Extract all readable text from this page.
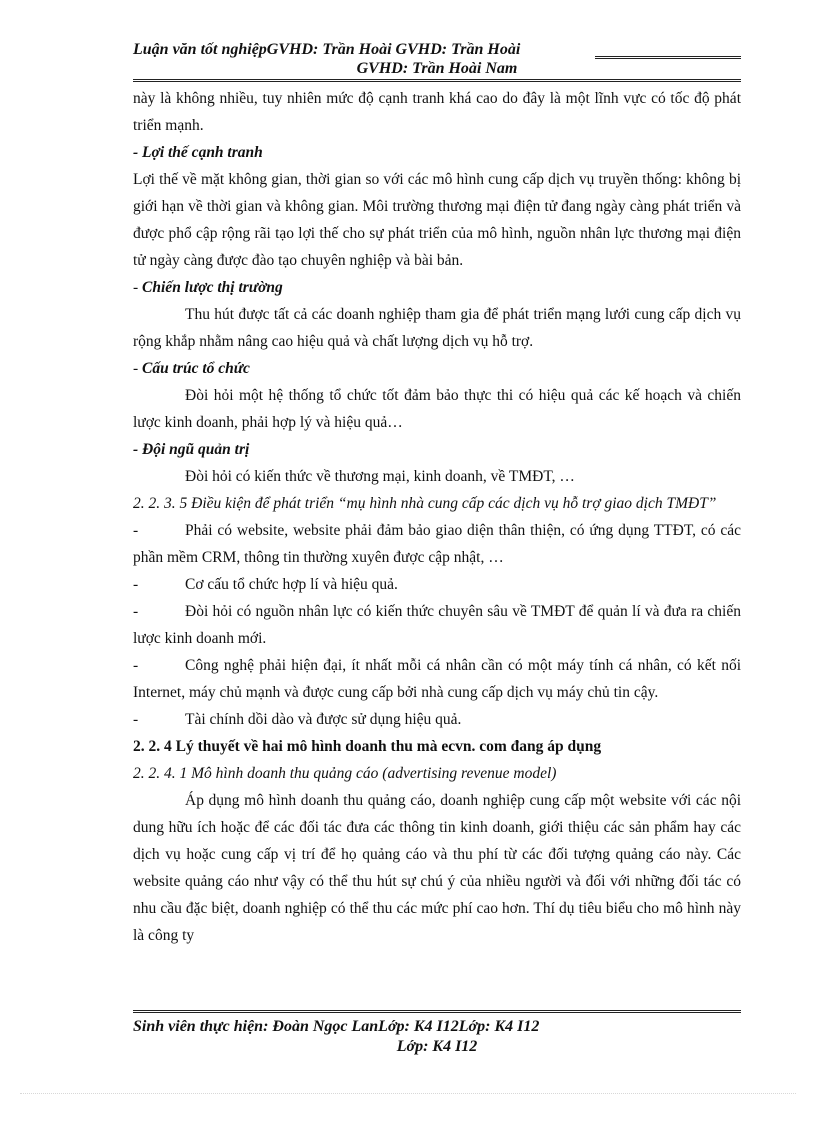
Luận văn tốt nghiệpGVHD: Trần Hoài GVHD: Trần Hoài
GVHD: Trần Hoài Nam

này là không nhiều, tuy nhiên mức độ cạnh tranh khá cao do đây là một lĩnh vực có tốc độ phát triển mạnh.

- Lợi thế cạnh tranh

Lợi thế về mặt không gian, thời gian so với các mô hình cung cấp dịch vụ truyền thống: không bị giới hạn về thời gian và không gian. Môi trường thương mại điện tử đang ngày càng phát triển và được phổ cập rộng rãi tạo lợi thế cho sự phát triển của mô hình, nguồn nhân lực thương mại điện tử ngày càng được đào tạo chuyên nghiệp và bài bản.

- Chiến lược thị trường

Thu hút được tất cả các doanh nghiệp tham gia để phát triển mạng lưới cung cấp dịch vụ rộng khắp nhằm nâng cao hiệu quả và chất lượng dịch vụ hỗ trợ.

- Cấu trúc tổ chức

Đòi hỏi một hệ thống tổ chức tốt đảm bảo thực thi có hiệu quả các kế hoạch và chiến lược kinh doanh, phải hợp lý và hiệu quả…

- Đội ngũ quản trị

Đòi hỏi có kiến thức về thương mại, kinh doanh, về TMĐT, …

2. 2. 3. 5 Điều kiện để phát triển “mụ hình nhà cung cấp các dịch vụ hỗ trợ giao dịch TMĐT”

-	Phải có website, website phải đảm bảo giao diện thân thiện, có ứng dụng TTĐT, có các phần mềm CRM, thông tin thường xuyên được cập nhật, …

-	Cơ cấu tổ chức hợp lí và hiệu quả.

-	Đòi hỏi có nguồn nhân lực có kiến thức chuyên sâu về TMĐT để quản lí và đưa ra chiến lược kinh doanh mới.

-	Công nghệ phải hiện đại, ít nhất mỗi cá nhân cần có một máy tính cá nhân, có kết nối Internet, máy chủ mạnh và được cung cấp bởi nhà cung cấp dịch vụ máy chủ tin cậy.

-	Tài chính dồi dào và được sử dụng hiệu quả.

2. 2. 4 Lý thuyết về hai mô hình doanh thu mà ecvn. com đang áp dụng

2. 2. 4. 1 Mô hình doanh thu quảng cáo (advertising revenue model)

Áp dụng mô hình doanh thu quảng cáo, doanh nghiệp cung cấp một website với các nội dung hữu ích hoặc để các đối tác đưa các thông tin kinh doanh, giới thiệu các sản phẩm hay các dịch vụ hoặc cung cấp vị trí để họ quảng cáo và thu phí từ các đối tượng quảng cáo này. Các website quảng cáo như vậy có thể thu hút sự chú ý của nhiều người và đối với những đối tác có nhu cầu đặc biệt, doanh nghiệp có thể thu các mức phí cao hơn. Thí dụ tiêu biểu cho mô hình này là công ty

Sinh viên thực hiện: Đoàn Ngọc LanLớp: K4 I12Lớp: K4 I12
Lớp: K4 I12
